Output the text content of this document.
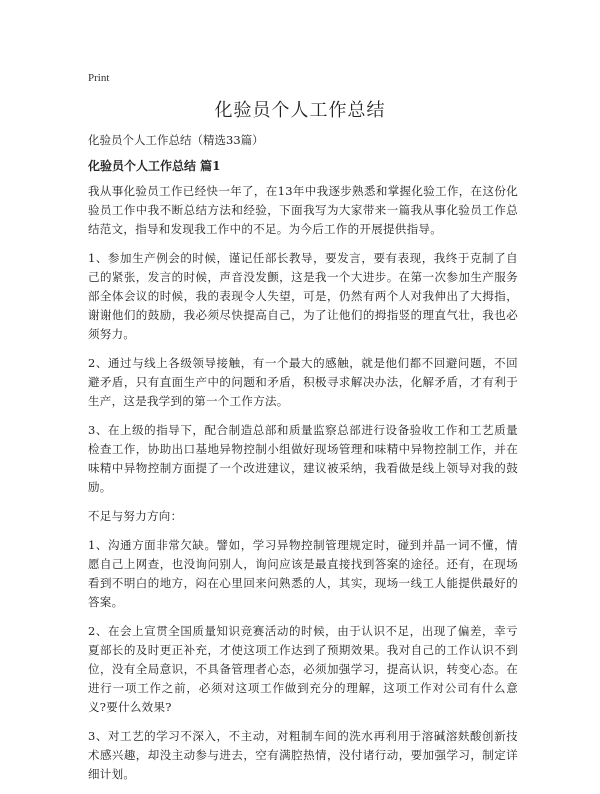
Print
化验员个人工作总结

化验员个人工作总结（精选33篇）

化验员个人工作总结 篇1

我从事化验员工作已经快一年了，在13年中我逐步熟悉和掌握化验工作，在这份化验员工作中我不断总结方法和经验，下面我写为大家带来一篇我从事化验员工作总结范文，指导和发现我工作中的不足。为今后工作的开展提供指导。

1、参加生产例会的时候，谨记任部长教导，要发言，要有表现，我终于克制了自己的紧张，发言的时候，声音没发颤，这是我一个大进步。在第一次参加生产服务部全体会议的时候，我的表现令人失望，可是，仍然有两个人对我伸出了大拇指，谢谢他们的鼓励，我必须尽快提高自己，为了让他们的拇指竖的理直气壮，我也必须努力。

2、通过与线上各级领导接触，有一个最大的感触，就是他们都不回避问题，不回避矛盾，只有直面生产中的问题和矛盾，积极寻求解决办法，化解矛盾，才有利于生产，这是我学到的第一个工作方法。

3、在上级的指导下，配合制造总部和质量监察总部进行设备验收工作和工艺质量检查工作，协助出口基地异物控制小组做好现场管理和味精中异物控制工作，并在味精中异物控制方面提了一个改进建议，建议被采纳，我看做是线上领导对我的鼓励。

不足与努力方向：

1、沟通方面非常欠缺。譬如，学习异物控制管理规定时，碰到并晶一词不懂，情愿自己上网查，也没询问别人，询问应该是最直接找到答案的途径。还有，在现场看到不明白的地方，闷在心里回来问熟悉的人，其实，现场一线工人能提供最好的答案。

2、在会上宣贯全国质量知识竞赛活动的时候，由于认识不足，出现了偏差，幸亏夏部长的及时更正补充，才使这项工作达到了预期效果。我对自己的工作认识不到位，没有全局意识，不具备管理者心态，必须加强学习，提高认识，转变心态。在进行一项工作之前，必须对这项工作做到充分的理解，这项工作对公司有什么意义?要什么效果?

3、对工艺的学习不深入，不主动，对粗制车间的洗水再利用于溶碱溶麸酸创新技术感兴趣，却没主动参与进去，空有满腔热情，没付诸行动，要加强学习，制定详细计划。
